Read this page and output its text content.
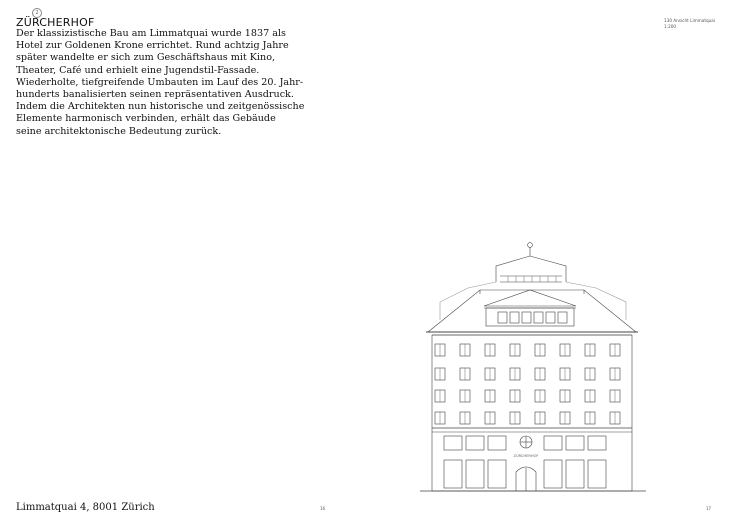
2
ZÜRCHERHOF
Der klassizistische Bau am Limmatquai wurde 1837 als
Hotel zur Goldenen Krone errichtet. Rund achtzig Jahre
später wandelte er sich zum Geschäftshaus mit Kino,
Theater, Café und erhielt eine Jugendstil-Fassade.
Wiederholte, tiefgreifende Umbauten im Lauf des 20. Jahr-
hunderts banalisierten seinen repräsentativen Ausdruck.
Indem die Architekten nun historische und zeitgenössische
Elemente harmonisch verbinden, erhält das Gebäude
seine architektonische Bedeutung zurück.
130 Ansicht Limmatquai
1:200
ZÜRCHERHOF
Limmatquai 4, 8001 Zürich	16	17
